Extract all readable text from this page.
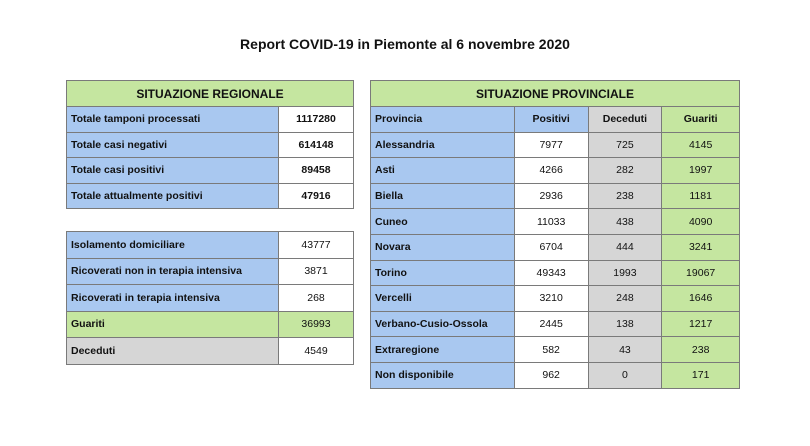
Report COVID-19 in Piemonte al 6 novembre 2020
SITUAZIONE REGIONALE	
Totale tamponi processati	1117280
Totale casi negativi	614148
Totale casi positivi	89458
Totale attualmente positivi	47916
Isolamento domiciliare	43777
Ricoverati non in terapia intensiva	3871
Ricoverati in terapia intensiva	268
Guariti	36993
Deceduti	4549
SITUAZIONE PROVINCIALE			
Provincia	Positivi	Deceduti	Guariti
Alessandria	7977	725	4145
Asti	4266	282	1997
Biella	2936	238	1181
Cuneo	11033	438	4090
Novara	6704	444	3241
Torino	49343	1993	19067
Vercelli	3210	248	1646
Verbano-Cusio-Ossola	2445	138	1217
Extraregione	582	43	238
Non disponibile	962	0	171
